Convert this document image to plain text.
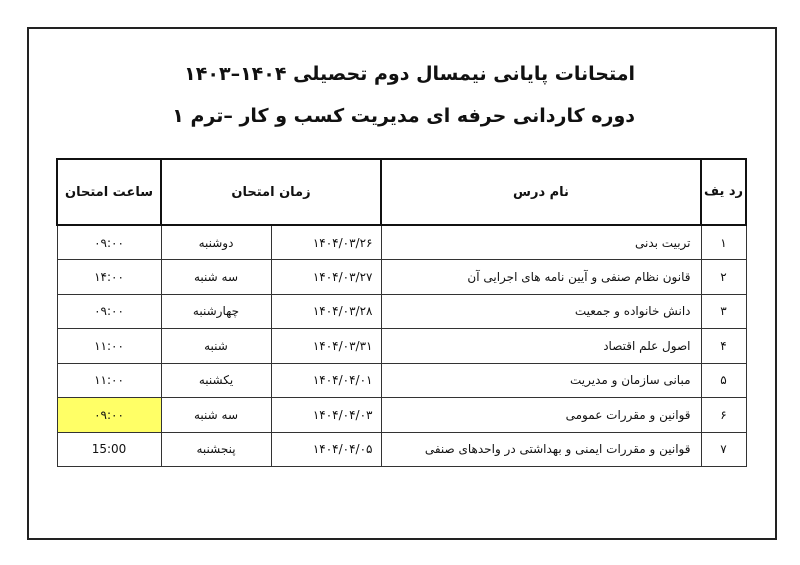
امتحانات پایانی نیمسال دوم تحصیلی ۱۴۰۴–۱۴۰۳
دوره کاردانی حرفه ای مدیریت کسب و کار –ترم ۱
رد یف	نام درس	زمان امتحان		ساعت امتحان
۱	تربیت بدنی	۱۴۰۴/۰۳/۲۶	دوشنبه	۰۹:۰۰
۲	قانون نظام صنفی و آیین نامه های اجرایی آن	۱۴۰۴/۰۳/۲۷	سه شنبه	۱۴:۰۰
۳	دانش خانواده و جمعیت	۱۴۰۴/۰۳/۲۸	چهارشنبه	۰۹:۰۰
۴	اصول علم اقتصاد	۱۴۰۴/۰۳/۳۱	شنبه	۱۱:۰۰
۵	مبانی سازمان و مدیریت	۱۴۰۴/۰۴/۰۱	یکشنبه	۱۱:۰۰
۶	قوانین و مقررات عمومی	۱۴۰۴/۰۴/۰۳	سه شنبه	۰۹:۰۰
۷	قوانین و مقررات ایمنی و بهداشتی در واحدهای صنفی	۱۴۰۴/۰۴/۰۵	پنجشنبه	15:00
